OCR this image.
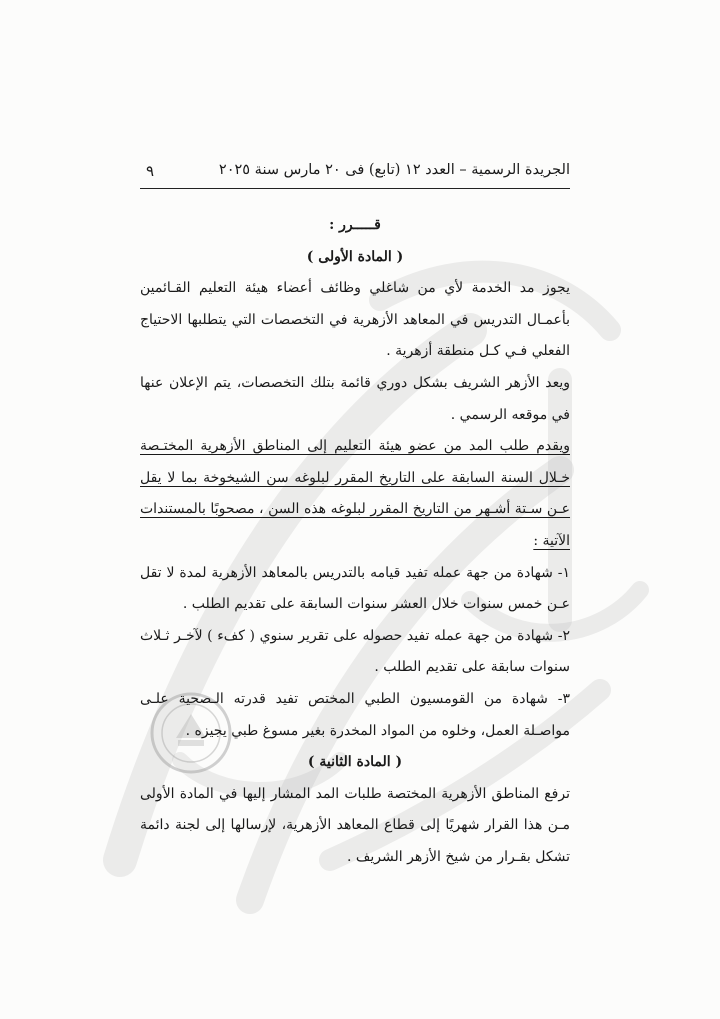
الجريدة الرسمية – العدد ١٢ (تابع) فى ٢٠ مارس سنة ٢٠٢٥
٩

قـــــرر :

( المادة الأولى )

يجوز مد الخدمة لأي من شاغلي وظائف أعضاء هيئة التعليم القـائمين بأعمـال التدريس في المعاهد الأزهرية في التخصصات التي يتطلبها الاحتياج الفعلي فـي كـل منطقة أزهرية .

ويعد الأزهر الشريف بشكل دوري قائمة بتلك التخصصات، يتم الإعلان عنها في موقعه الرسمي .

ويقدم طلب المد من عضو هيئة التعليم إلى المناطق الأزهرية المختـصة خـلال السنة السابقة على التاريخ المقرر لبلوغه سن الشيخوخة بما لا يقل عـن سـتة أشـهر من التاريخ المقرر لبلوغه هذه السن ، مصحوبًا بالمستندات الآتية :

١- شهادة من جهة عمله تفيد قيامه بالتدريس بالمعاهد الأزهرية لمدة لا تقل عـن خمس سنوات خلال العشر سنوات السابقة على تقديم الطلب .

٢- شهادة من جهة عمله تفيد حصوله على تقرير سنوي ( كفء ) لآخـر ثـلاث سنوات سابقة على تقديم الطلب .

٣- شهادة من القومسيون الطبي المختص تفيد قدرته الـصحية علـى مواصـلة العمل، وخلوه من المواد المخدرة بغير مسوغ طبي يجيزه .

( المادة الثانية )

ترفع المناطق الأزهرية المختصة طلبات المد المشار إليها في المادة الأولى مـن هذا القرار شهريًا إلى قطاع المعاهد الأزهرية، لإرسالها إلى لجنة دائمة تشكل بقـرار من شيخ الأزهر الشريف .
